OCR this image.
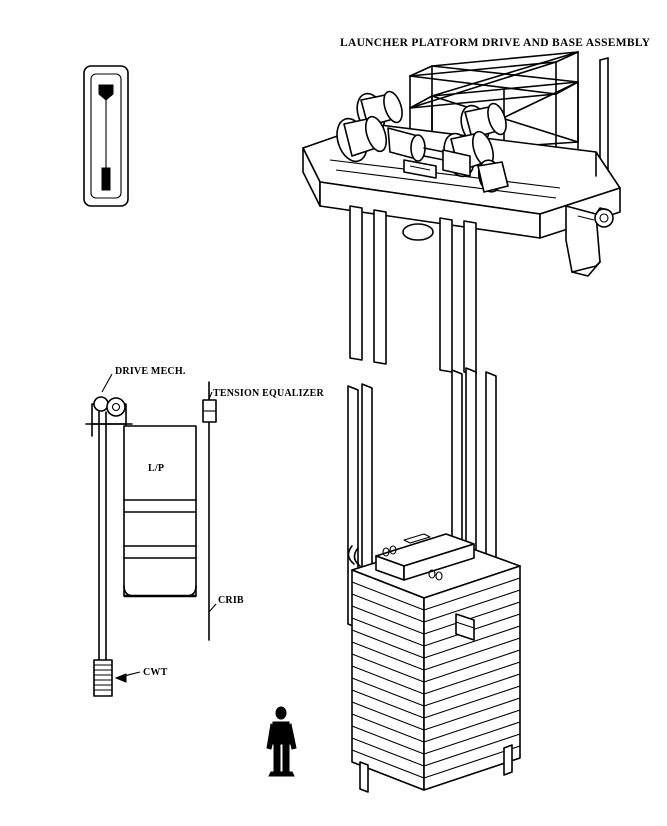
LAUNCHER PLATFORM DRIVE AND BASE ASSEMBLY
DRIVE MECH.
TENSION EQUALIZER
L/P
CRIB
CWT
